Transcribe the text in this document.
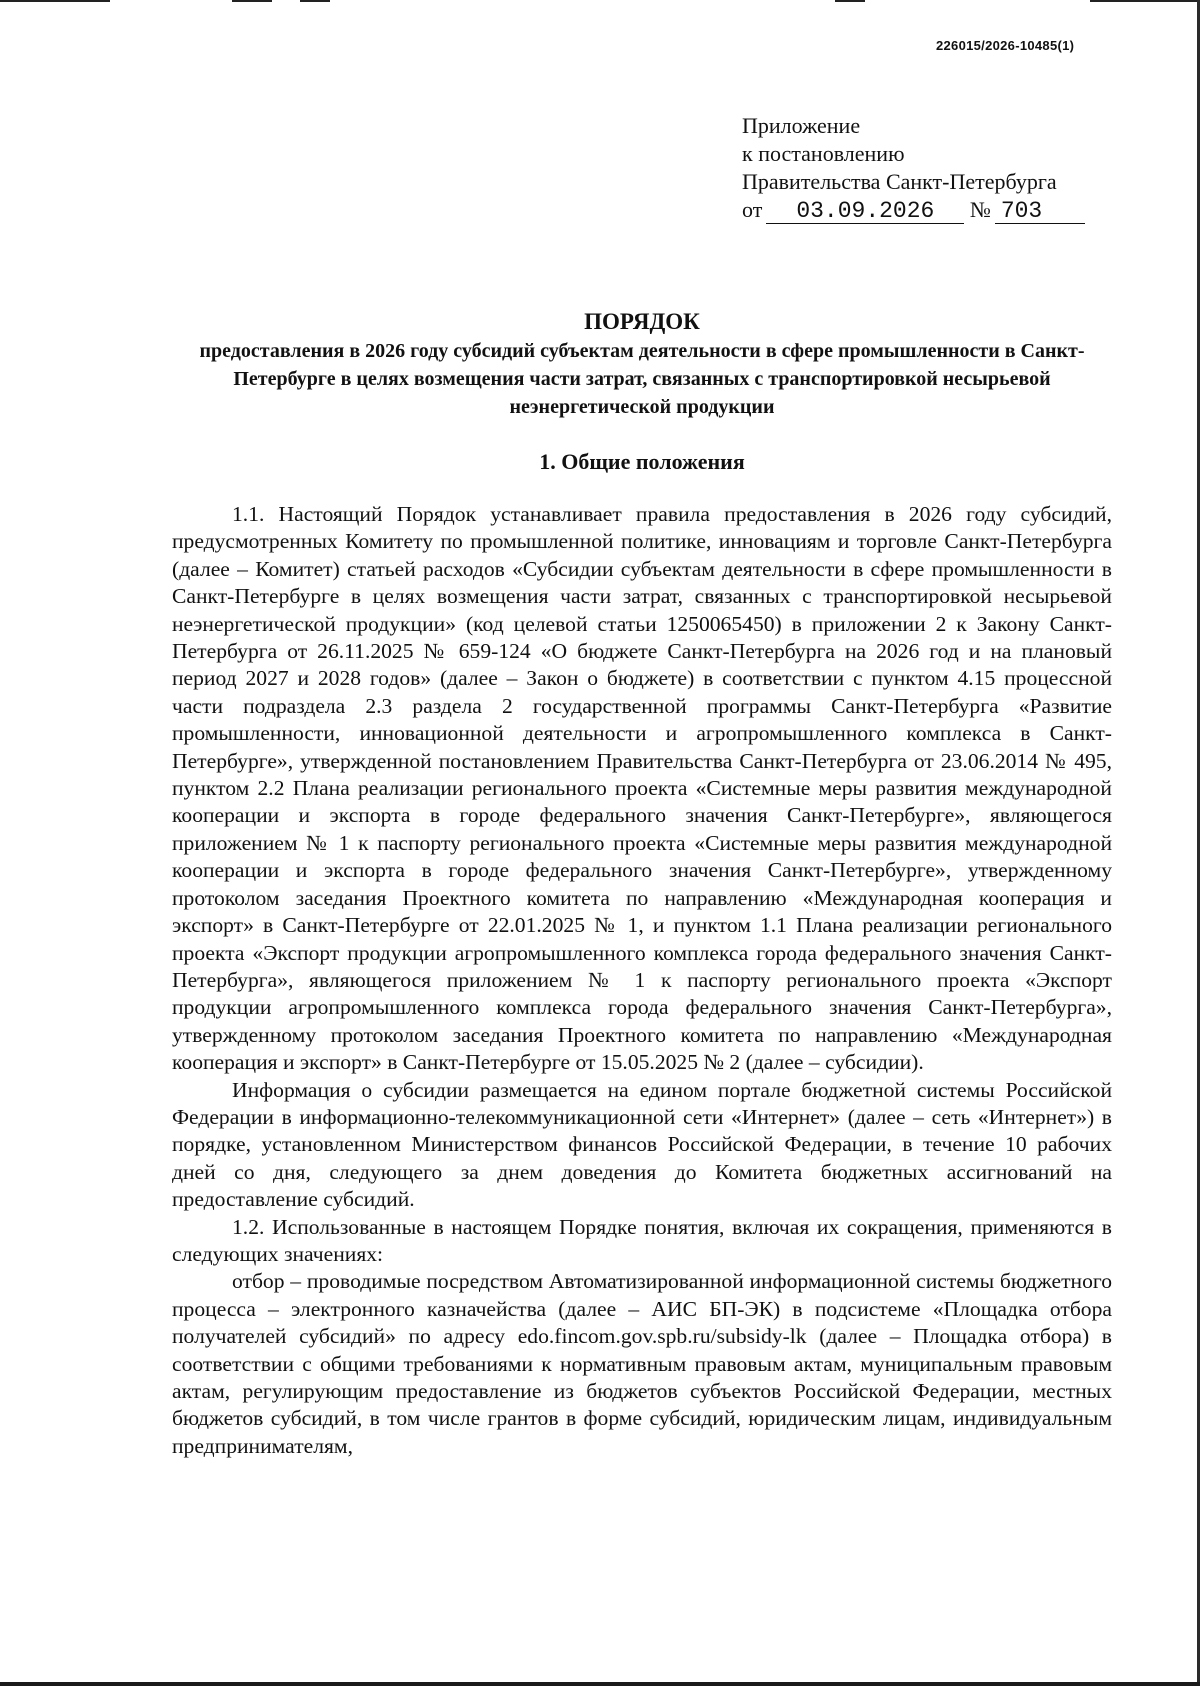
226015/2026-10485(1)
Приложение
к постановлению
Правительства Санкт-Петербурга
от 03.09.2026 № 703
ПОРЯДОК
предоставления в 2026 году субсидий субъектам деятельности в сфере промышленности в Санкт-Петербурге в целях возмещения части затрат, связанных с транспортировкой несырьевой неэнергетической продукции
1. Общие положения

1.1. Настоящий Порядок устанавливает правила предоставления в 2026 году субсидий, предусмотренных Комитету по промышленной политике, инновациям и торговле Санкт-Петербурга (далее – Комитет) статьей расходов «Субсидии субъектам деятельности в сфере промышленности в Санкт-Петербурге в целях возмещения части затрат, связанных с транспортировкой несырьевой неэнергетической продукции» (код целевой статьи 1250065450) в приложении 2 к Закону Санкт-Петербурга от 26.11.2025 № 659-124 «О бюджете Санкт-Петербурга на 2026 год и на плановый период 2027 и 2028 годов» (далее – Закон о бюджете) в соответствии с пунктом 4.15 процессной части подраздела 2.3 раздела 2 государственной программы Санкт-Петербурга «Развитие промышленности, инновационной деятельности и агропромышленного комплекса в Санкт-Петербурге», утвержденной постановлением Правительства Санкт-Петербурга от 23.06.2014 № 495, пунктом 2.2 Плана реализации регионального проекта «Системные меры развития международной кооперации и экспорта в городе федерального значения Санкт-Петербурге», являющегося приложением № 1 к паспорту регионального проекта «Системные меры развития международной кооперации и экспорта в городе федерального значения Санкт-Петербурге», утвержденному протоколом заседания Проектного комитета по направлению «Международная кооперация и экспорт» в Санкт-Петербурге от 22.01.2025 № 1, и пунктом 1.1 Плана реализации регионального проекта «Экспорт продукции агропромышленного комплекса города федерального значения Санкт-Петербурга», являющегося приложением № 1 к паспорту регионального проекта «Экспорт продукции агропромышленного комплекса города федерального значения Санкт-Петербурга», утвержденному протоколом заседания Проектного комитета по направлению «Международная кооперация и экспорт» в Санкт-Петербурге от 15.05.2025 № 2 (далее – субсидии).

Информация о субсидии размещается на едином портале бюджетной системы Российской Федерации в информационно-телекоммуникационной сети «Интернет» (далее – сеть «Интернет») в порядке, установленном Министерством финансов Российской Федерации, в течение 10 рабочих дней со дня, следующего за днем доведения до Комитета бюджетных ассигнований на предоставление субсидий.

1.2. Использованные в настоящем Порядке понятия, включая их сокращения, применяются в следующих значениях:

отбор – проводимые посредством Автоматизированной информационной системы бюджетного процесса – электронного казначейства (далее – АИС БП-ЭК) в подсистеме «Площадка отбора получателей субсидий» по адресу edo.fincom.gov.spb.ru/subsidy-lk (далее – Площадка отбора) в соответствии с общими требованиями к нормативным правовым актам, муниципальным правовым актам, регулирующим предоставление из бюджетов субъектов Российской Федерации, местных бюджетов субсидий, в том числе грантов в форме субсидий, юридическим лицам, индивидуальным предпринимателям,
